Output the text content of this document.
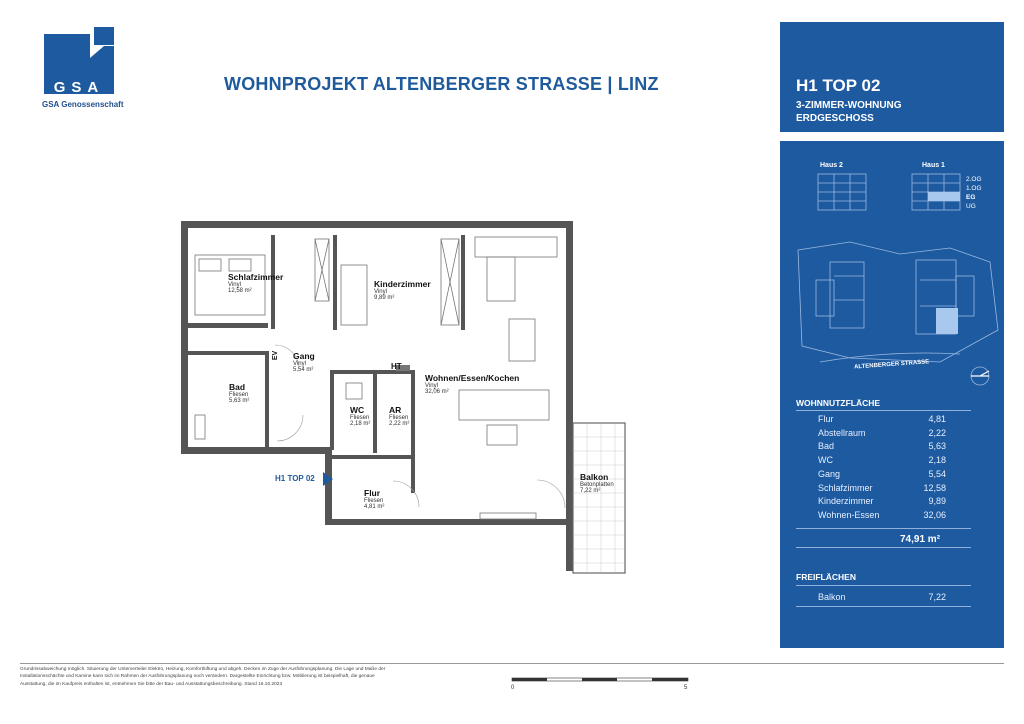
GSA
GSA Genossenschaft
WOHNPROJEKT ALTENBERGER STRASSE | LINZ	H1 TOP 02
3-ZIMMER-WOHNUNG
ERDGESCHOSS
Haus 2	Haus 1
2.OG
1.OG
EG
UG
ALTENBERGER STRASSE
WOHNNUTZFLÄCHE
Flur	4,81
Abstellraum	2,22
Bad	5,63
WC	2,18
Gang	5,54
Schlafzimmer	12,58
Kinderzimmer	9,89
Wohnen-Essen	32,06
74,91 m²
FREIFLÄCHEN
Balkon	7,22
Schlafzimmer
Vinyl
12,58 m²
Kinderzimmer
Vinyl
9,89 m²
Gang
Vinyl
5,54 m²
Bad
Fliesen
5,63 m²
WC
Fliesen
2,18 m²
AR
Fliesen
2,22 m²
Wohnen/Essen/Kochen
Vinyl
32,06 m²
Flur
Fliesen
4,81 m²
Balkon
Betonplatten
7,22 m²
EV
HT
H1 TOP 02
Grundrissabweichung möglich. Situierung der Unterverteiler Elektro, Heizung, Komfortlüftung und abgeh. Decken im Zuge der Ausführungsplanung. Die Lage und Maße der Installationsschächte und Kamine kann sich im Rahmen der Ausführungsplanung noch verändern. Dargestellte Einrichtung bzw. Möblierung ist beispielhaft, die genaue Ausstattung, die im Kaufpreis enthalten ist, entnehmen Sie bitte der Bau- und Ausstattungsbeschreibung. Stand 16.10.2023
0	5
